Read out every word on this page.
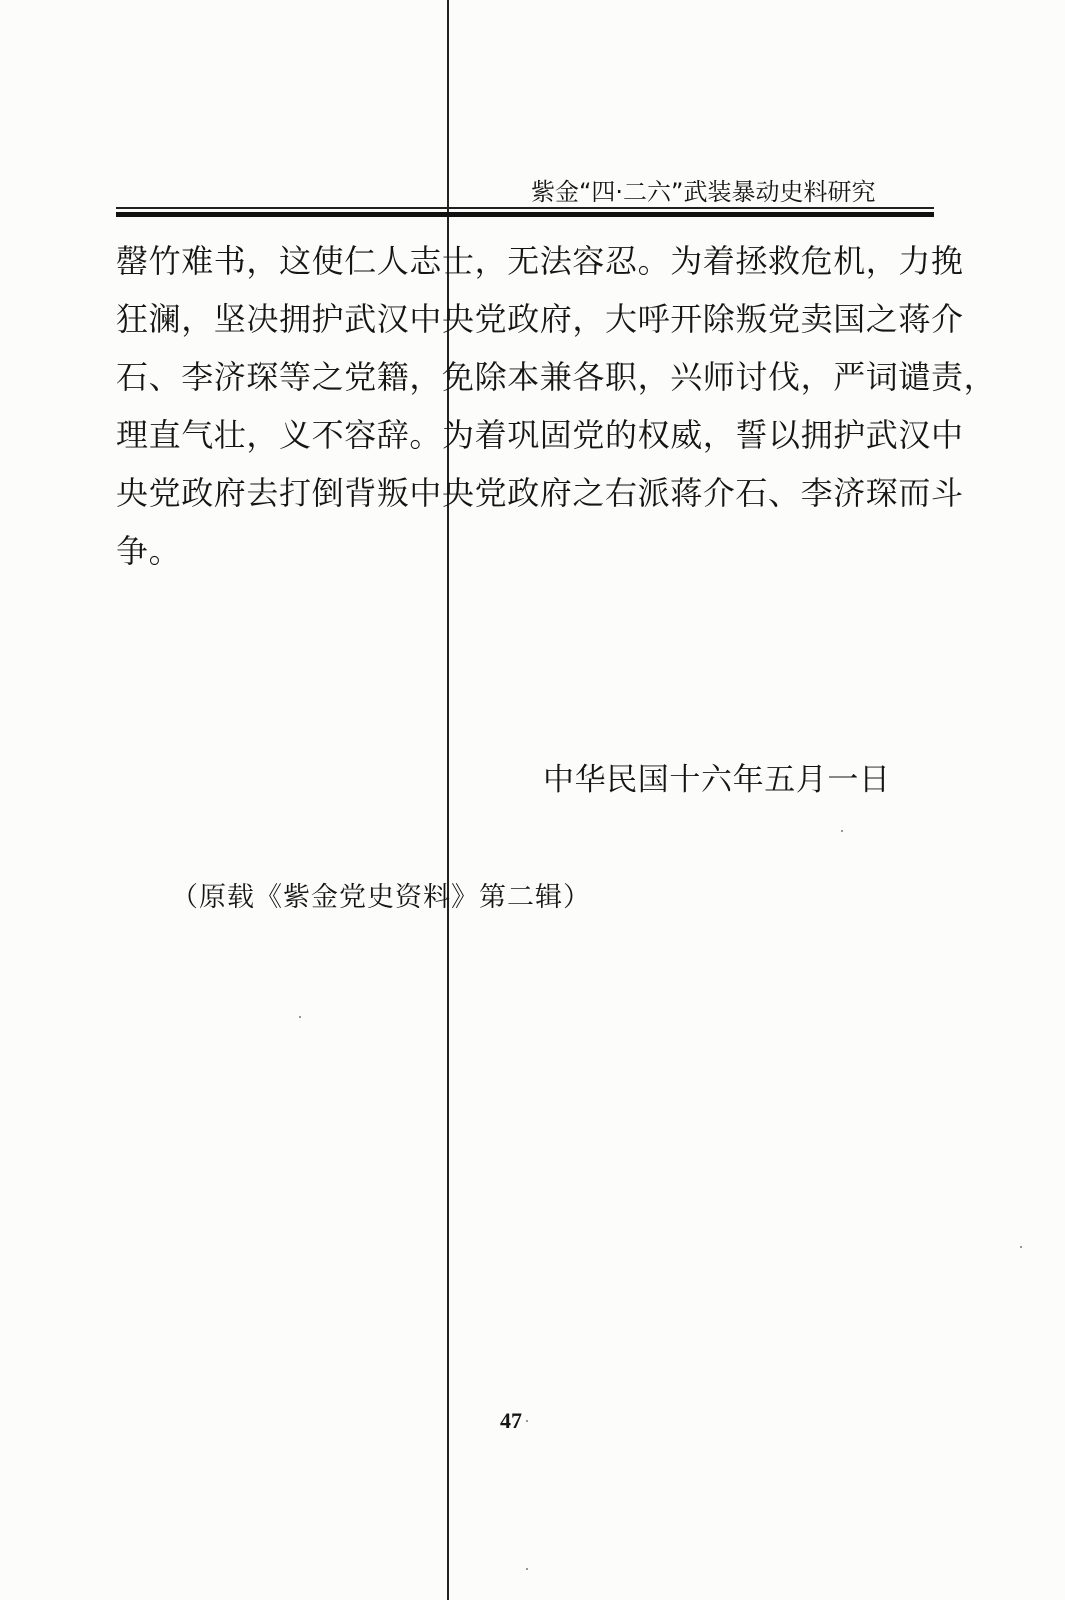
紫金“四·二六”武装暴动史料研究
罄竹难书，这使仁人志士，无法容忍。为着拯救危机，力挽
狂澜，坚决拥护武汉中央党政府，大呼开除叛党卖国之蒋介
石、李济琛等之党籍，免除本兼各职，兴师讨伐，严词谴责，
理直气壮，义不容辞。为着巩固党的权威，誓以拥护武汉中
央党政府去打倒背叛中央党政府之右派蒋介石、李济琛而斗
争。
中华民国十六年五月一日
（原载《紫金党史资料》第二辑）
47
